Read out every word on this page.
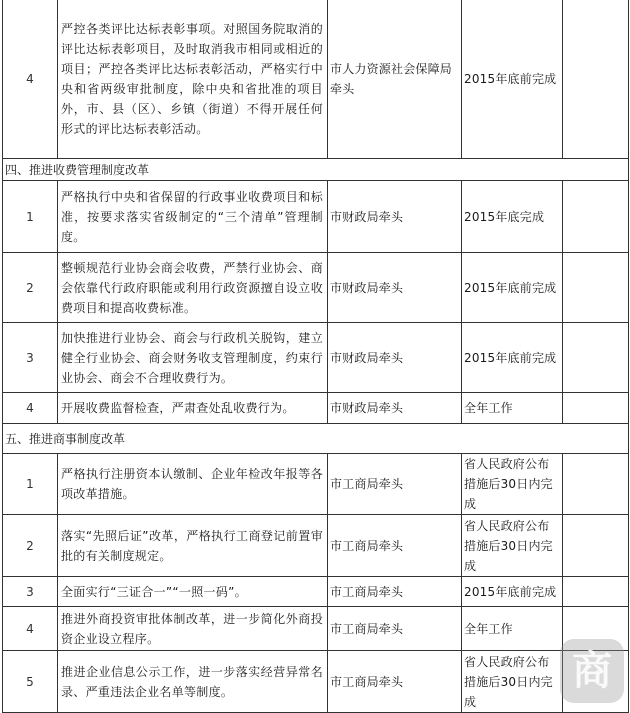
4	严控各类评比达标表彰事项。对照国务院取消的评比达标表彰项目，及时取消我市相同或相近的项目；严控各类评比达标表彰活动，严格实行中央和省两级审批制度，除中央和省批准的项目外，市、县（区）、乡镇（街道）不得开展任何形式的评比达标表彰活动。	市人力资源社会保障局牵头	2015年底前完成	
四、推进收费管理制度改革				
1	严格执行中央和省保留的行政事业收费项目和标准，按要求落实省级制定的“三个清单”管理制度。	市财政局牵头	2015年底完成	
2	整顿规范行业协会商会收费，严禁行业协会、商会依靠代行政府职能或利用行政资源擅自设立收费项目和提高收费标准。	市财政局牵头	2015年底前完成	
3	加快推进行业协会、商会与行政机关脱钩，建立健全行业协会、商会财务收支管理制度，约束行业协会、商会不合理收费行为。	市财政局牵头	2015年底前完成	
4	开展收费监督检查，严肃查处乱收费行为。	市财政局牵头	全年工作	
五、推进商事制度改革				
1	严格执行注册资本认缴制、企业年检改年报等各项改革措施。	市工商局牵头	省人民政府公布措施后30日内完成	
2	落实“先照后证”改革，严格执行工商登记前置审批的有关制度规定。	市工商局牵头	省人民政府公布措施后30日内完成	
3	全面实行“三证合一”“一照一码”。	市工商局牵头	2015年底前完成	
4	推进外商投资审批体制改革，进一步简化外商投资企业设立程序。	市工商局牵头	全年工作	
5	推进企业信息公示工作，进一步落实经营异常名录、严重违法企业名单等制度。	市工商局牵头	省人民政府公布措施后30日内完成	
商
